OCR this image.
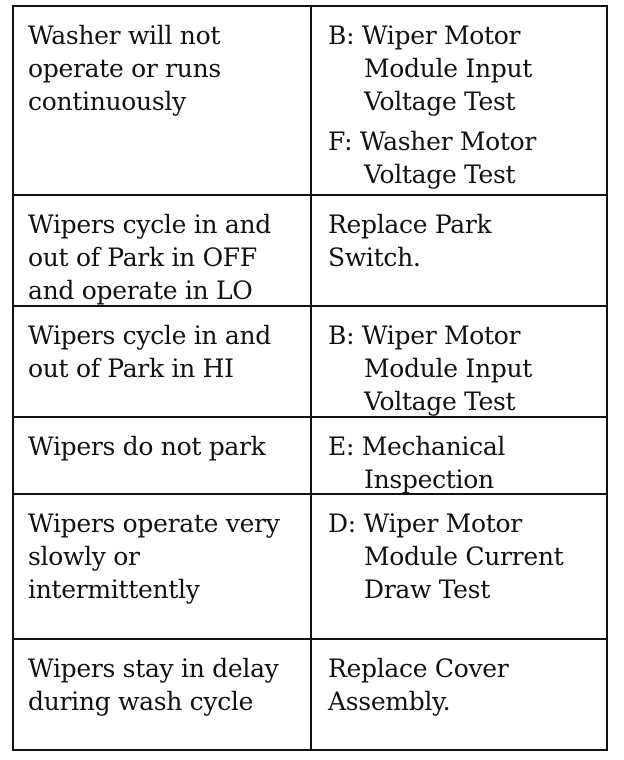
Washer will not
operate or runs
continuously
B: Wiper Motor
Module Input
Voltage Test
F: Washer Motor
Voltage Test
Wipers cycle in and
out of Park in OFF
and operate in LO
Replace Park
Switch.
Wipers cycle in and
out of Park in HI
B: Wiper Motor
Module Input
Voltage Test
Wipers do not park	E: Mechanical
Inspection
Wipers operate very
slowly or
intermittently
D: Wiper Motor
Module Current
Draw Test
Wipers stay in delay
during wash cycle
Replace Cover
Assembly.
